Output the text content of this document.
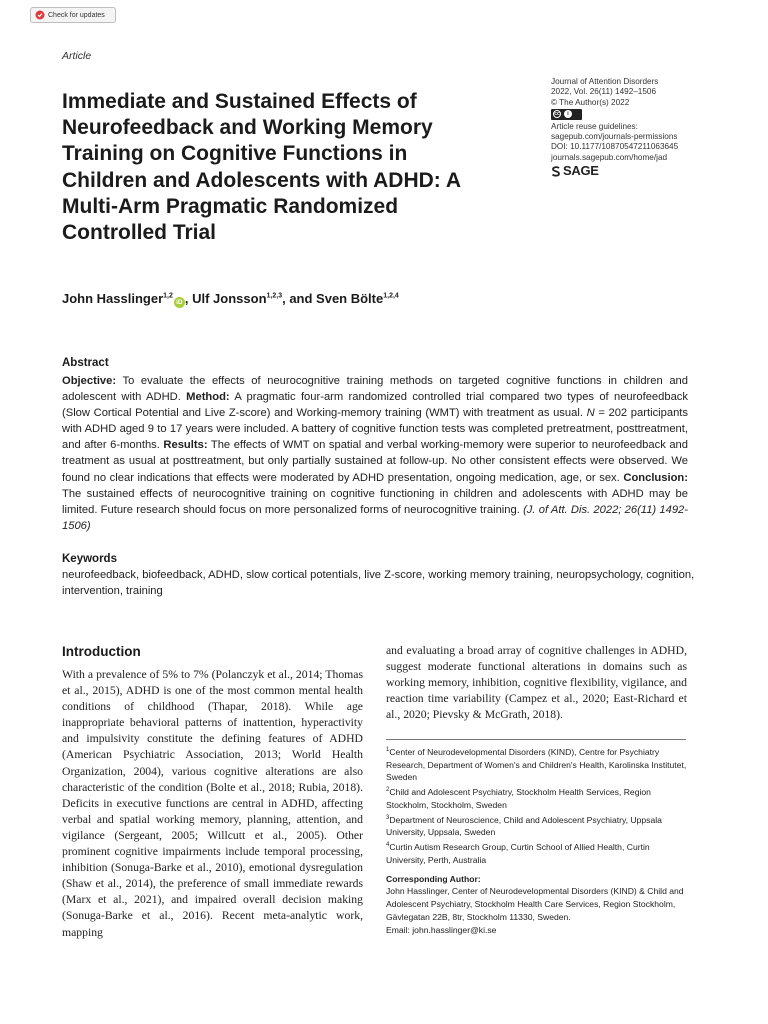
Check for updates
Article
Immediate and Sustained Effects of Neurofeedback and Working Memory Training on Cognitive Functions in Children and Adolescents with ADHD: A Multi-Arm Pragmatic Randomized Controlled Trial
Journal of Attention Disorders
2022, Vol. 26(11) 1492–1506
© The Author(s) 2022
cc	i
Article reuse guidelines:
sagepub.com/journals-permissions
DOI: 10.1177/10870547211063645
journals.sagepub.com/home/jad
SAGE
John Hasslinger$^{1,2}$iD , Ulf Jonsson$^{1,2,3}$, and Sven Bölte$^{1,2,4}$
Abstract

Objective: To evaluate the effects of neurocognitive training methods on targeted cognitive functions in children and adolescent with ADHD. Method: A pragmatic four-arm randomized controlled trial compared two types of neurofeedback (Slow Cortical Potential and Live Z-score) and Working-memory training (WMT) with treatment as usual. N = 202 participants with ADHD aged 9 to 17 years were included. A battery of cognitive function tests was completed pretreatment, posttreatment, and after 6-months. Results: The effects of WMT on spatial and verbal working-memory were superior to neurofeedback and treatment as usual at posttreatment, but only partially sustained at follow-up. No other consistent effects were observed. We found no clear indications that effects were moderated by ADHD presentation, ongoing medication, age, or sex. Conclusion: The sustained effects of neurocognitive training on cognitive functioning in children and adolescents with ADHD may be limited. Future research should focus on more personalized forms of neurocognitive training. (J. of Att. Dis. 2022; 26(11) 1492-1506)

Keywords

neurofeedback, biofeedback, ADHD, slow cortical potentials, live Z-score, working memory training, neuropsychology, cognition, intervention, training

Introduction

With a prevalence of 5% to 7% (Polanczyk et al., 2014; Thomas et al., 2015), ADHD is one of the most common mental health conditions of childhood (Thapar, 2018). While age inappropriate behavioral patterns of inattention, hyperactivity and impulsivity constitute the defining features of ADHD (American Psychiatric Association, 2013; World Health Organization, 2004), various cognitive alterations are also characteristic of the condition (Bolte et al., 2018; Rubia, 2018). Deficits in executive functions are central in ADHD, affecting verbal and spatial working memory, planning, attention, and vigilance (Sergeant, 2005; Willcutt et al., 2005). Other prominent cognitive impairments include temporal processing, inhibition (Sonuga-Barke et al., 2010), emotional dysregulation (Shaw et al., 2014), the preference of small immediate rewards (Marx et al., 2021), and impaired overall decision making (Sonuga-Barke et al., 2016). Recent meta-analytic work, mapping

and evaluating a broad array of cognitive challenges in ADHD, suggest moderate functional alterations in domains such as working memory, inhibition, cognitive flexibility, vigilance, and reaction time variability (Campez et al., 2020; East-Richard et al., 2020; Pievsky & McGrath, 2018).

$^1$Center of Neurodevelopmental Disorders (KIND), Centre for Psychiatry Research, Department of Women's and Children's Health, Karolinska Institutet, Sweden
$^2$Child and Adolescent Psychiatry, Stockholm Health Services, Region Stockholm, Stockholm, Sweden
$^3$Department of Neuroscience, Child and Adolescent Psychiatry, Uppsala University, Uppsala, Sweden
$^4$Curtin Autism Research Group, Curtin School of Allied Health, Curtin University, Perth, Australia
Corresponding Author:
John Hasslinger, Center of Neurodevelopmental Disorders (KIND) & Child and Adolescent Psychiatry, Stockholm Health Care Services, Region Stockholm, Gävlegatan 22B, 8tr, Stockholm 11330, Sweden.
Email: john.hasslinger@ki.se
